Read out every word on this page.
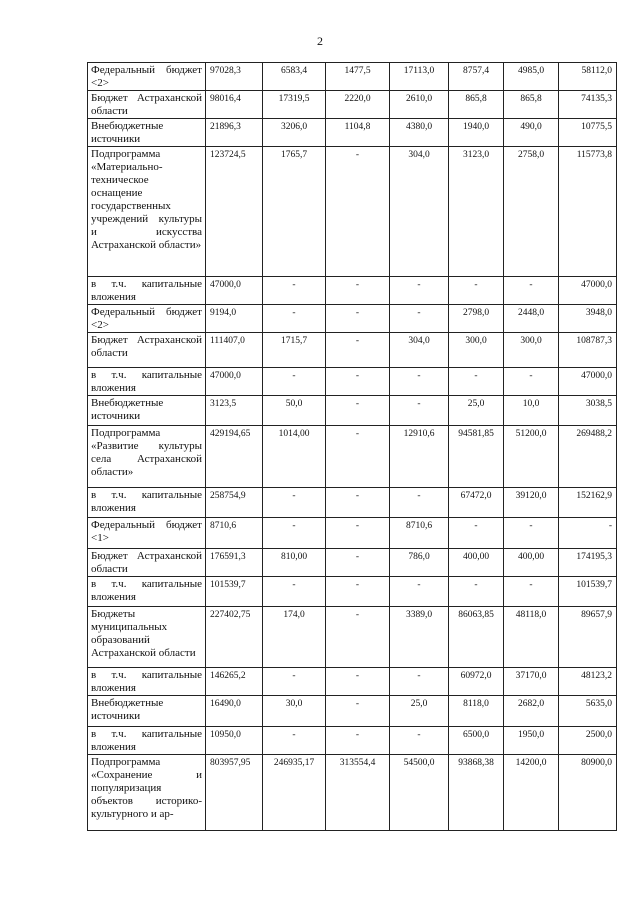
2
Федеральный бюджет <2>	97028,3	6583,4	1477,5	17113,0	8757,4	4985,0	58112,0
Бюджет Астраханской области	98016,4	17319,5	2220,0	2610,0	865,8	865,8	74135,3
Внебюджетные источники	21896,3	3206,0	1104,8	4380,0	1940,0	490,0	10775,5
Подпрограмма «Материально-техническое оснащение государственных учреждений культуры и искусства Астраханской области»	123724,5	1765,7	-	304,0	3123,0	2758,0	115773,8
в т.ч. капитальные вложения	47000,0	-	-	-	-	-	47000,0
Федеральный бюджет <2>	9194,0	-	-	-	2798,0	2448,0	3948,0
Бюджет Астраханской области	111407,0	1715,7	-	304,0	300,0	300,0	108787,3
в т.ч. капитальные вложения	47000,0	-	-	-	-	-	47000,0
Внебюджетные источники	3123,5	50,0	-	-	25,0	10,0	3038,5
Подпрограмма «Развитие культуры села Астраханской области»	429194,65	1014,00	-	12910,6	94581,85	51200,0	269488,2
в т.ч. капитальные вложения	258754,9	-	-	-	67472,0	39120,0	152162,9
Федеральный бюджет <1>	8710,6	-	-	8710,6	-	-	-
Бюджет Астраханской области	176591,3	810,00	-	786,0	400,00	400,00	174195,3
в т.ч. капитальные вложения	101539,7	-	-	-	-	-	101539,7
Бюджеты муниципальных образований Астраханской области	227402,75	174,0	-	3389,0	86063,85	48118,0	89657,9
в т.ч. капитальные вложения	146265,2	-	-	-	60972,0	37170,0	48123,2
Внебюджетные источники	16490,0	30,0	-	25,0	8118,0	2682,0	5635,0
в т.ч. капитальные вложения	10950,0	-	-	-	6500,0	1950,0	2500,0
Подпрограмма «Сохранение и популяризация объектов историко-культурного и ар-	803957,95	246935,17	313554,4	54500,0	93868,38	14200,0	80900,0
